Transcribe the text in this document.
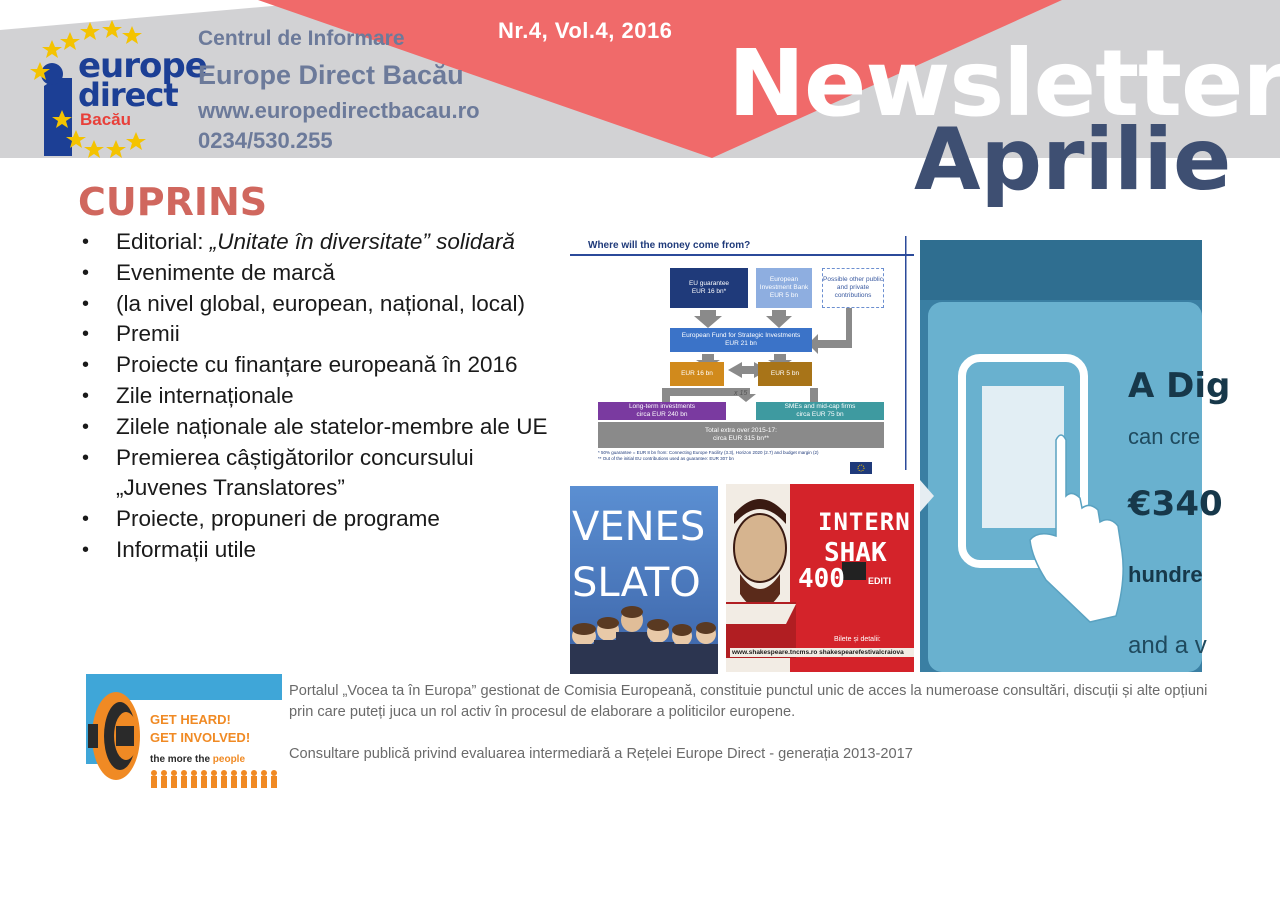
europe
direct
Bacău
Centrul de Informare
Europe Direct Bacău
www.europedirectbacau.ro
0234/530.255
Nr.4, Vol.4, 2016 Newsletter
Aprilie
CUPRINS
• Editorial: „Unitate în diversitate” solidară
• Evenimente de marcă
• (la nivel global, european, național, local)
• Premii
• Proiecte cu finanțare europeană în 2016
• Zile internaționale
• Zilele naționale ale statelor-membre ale UE
• Premierea câștigătorilor concursului „Juvenes Translatores”
• Proiecte, propuneri de programe
• Informații utile
Where will the money come from?
EU guarantee
EUR 16 bn*
European Investment Bank
EUR 5 bn
Possible other public and private contributions
European Fund for Strategic Investments
EUR 21 bn
EUR 16 bn	EUR 5 bn
x 15
Long-term investments
circa EUR 240 bn
SMEs and mid-cap firms
circa EUR 75 bn
Total extra over 2015-17:
circa EUR 315 bn**
* 50% guarantee = EUR 8 bn from: Connecting Europe Facility (3.3), Horizon 2020 (2.7) and budget margin (2)
** Out of the initial EU contributions used as guarantee: EUR 307 bn
VENES
SLATO
INTERN
SHAK
400	EDITI
Bilete și detalii:
www.shakespeare.tncms.ro shakespearefestivalcraiova
A Dig
can cre
€340
hundre
and a v
GET HEARD!
GET INVOLVED!
the more the people
Portalul „Vocea ta în Europa” gestionat de Comisia Europeană, constituie punctul unic de acces la numeroase consultări, discuții și alte opțiuni prin care puteți juca un rol activ în procesul de elaborare a politicilor europene.
Consultare publică privind evaluarea intermediară a Rețelei Europe Direct - generația 2013-2017
